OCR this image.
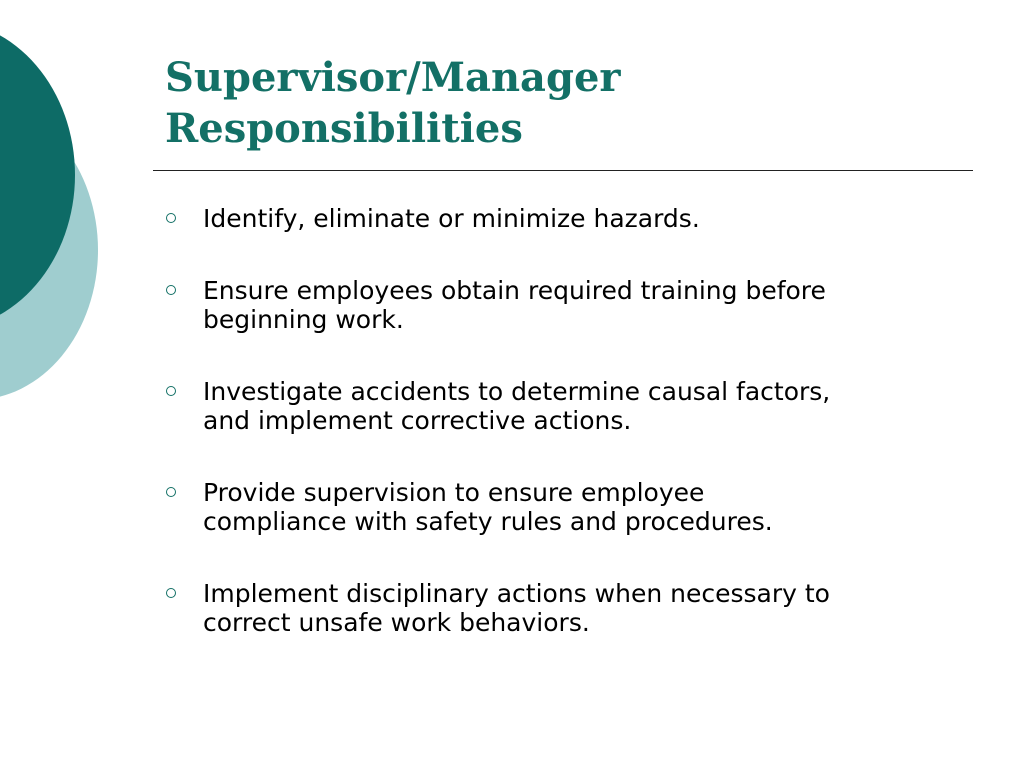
Supervisor/Manager
Responsibilities
Identify, eliminate or minimize hazards.
Ensure employees obtain required training before
beginning work.
Investigate accidents to determine causal factors,
and implement corrective actions.
Provide supervision to ensure employee
compliance with safety rules and procedures.
Implement disciplinary actions when necessary to
correct unsafe work behaviors.
